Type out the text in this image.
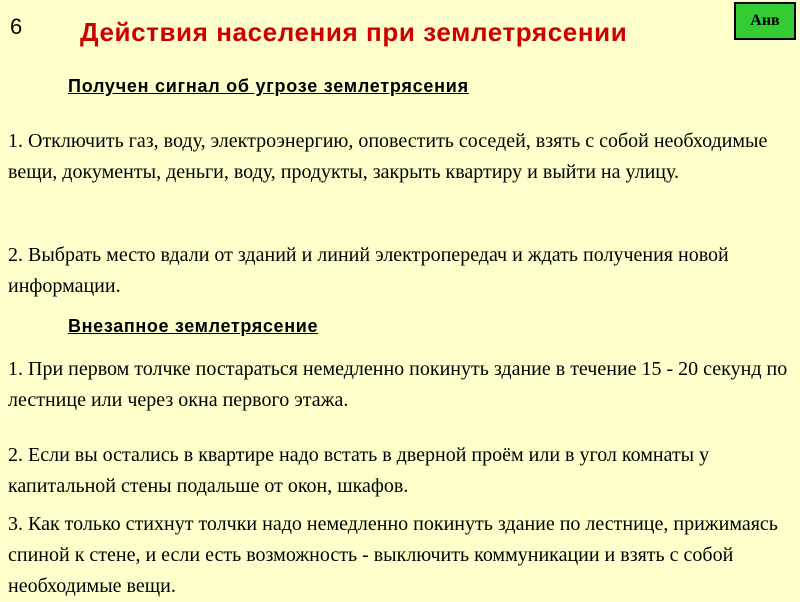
6 Действия населения при землетрясении	Анв
Получен сигнал об угрозе землетрясения

1. Отключить газ, воду, электроэнергию, оповестить соседей, взять с собой необходимые вещи, документы, деньги, воду, продукты, закрыть квартиру и выйти на улицу.

2. Выбрать место вдали от зданий и линий электропередач и ждать получения новой информации.

Внезапное землетрясение

1. При первом толчке постараться немедленно покинуть здание в течение 15 - 20 секунд по лестнице или через окна первого этажа.

2. Если вы остались в квартире надо встать в дверной проём или в угол комнаты у капитальной стены подальше от окон, шкафов.

3. Как только стихнут толчки надо немедленно покинуть здание по лестнице, прижимаясь спиной к стене, и если есть возможность - выключить коммуникации и взять с собой необходимые вещи.
